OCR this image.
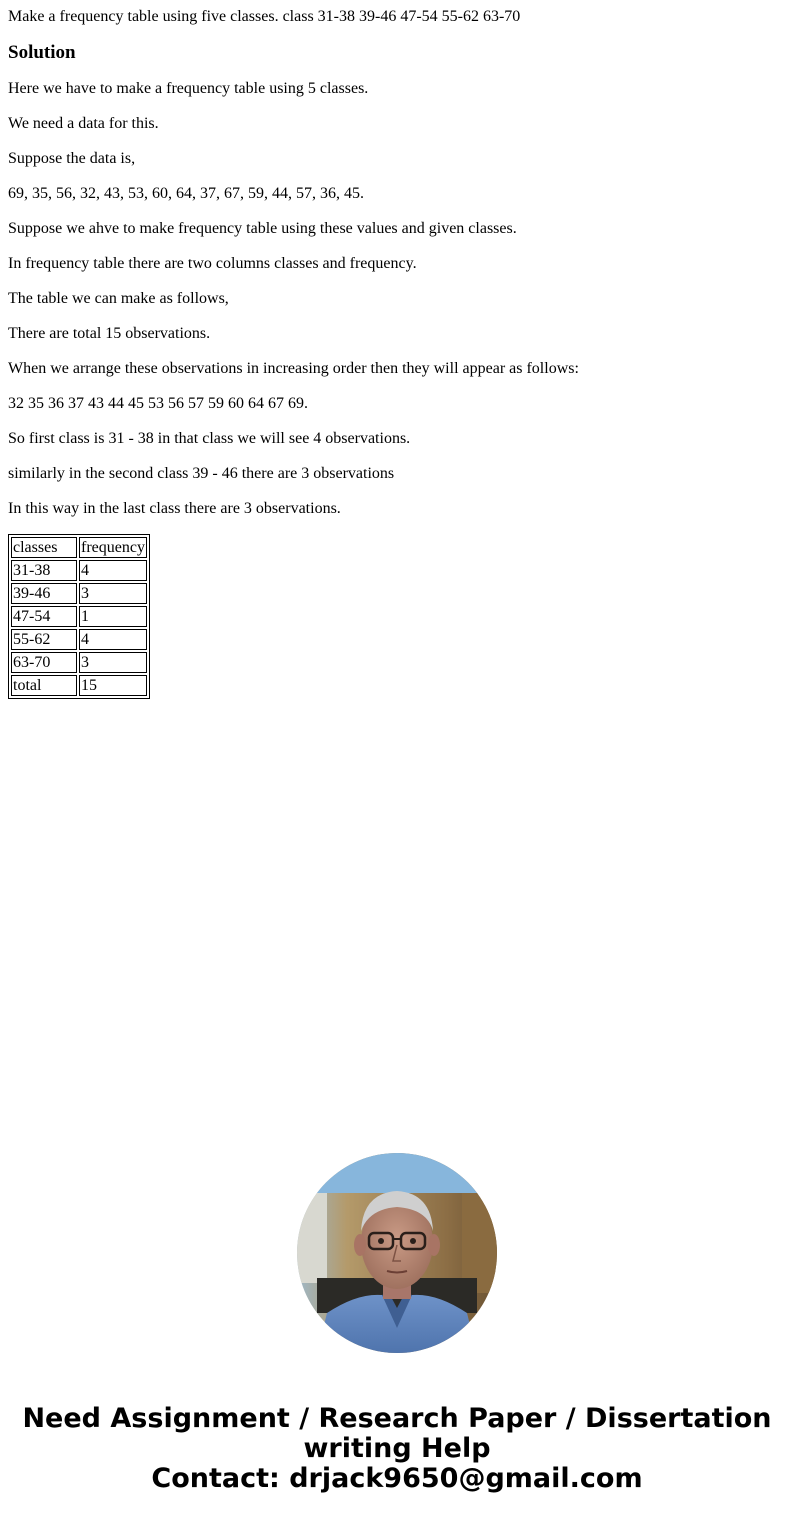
Make a frequency table using five classes. class 31-38 39-46 47-54 55-62 63-70
Solution

Here we have to make a frequency table using 5 classes.

We need a data for this.

Suppose the data is,

69, 35, 56, 32, 43, 53, 60, 64, 37, 67, 59, 44, 57, 36, 45.

Suppose we ahve to make frequency table using these values and given classes.

In frequency table there are two columns classes and frequency.

The table we can make as follows,

There are total 15 observations.

When we arrange these observations in increasing order then they will appear as follows:

32 35 36 37 43 44 45 53 56 57 59 60 64 67 69.

So first class is 31 - 38 in that class we will see 4 observations.

similarly in the second class 39 - 46 there are 3 observations

In this way in the last class there are 3 observations.

classes	frequency
31-38	4
39-46	3
47-54	1
55-62	4
63-70	3
total	15
Need Assignment / Research Paper / Dissertation
writing Help
Contact: drjack9650@gmail.com
